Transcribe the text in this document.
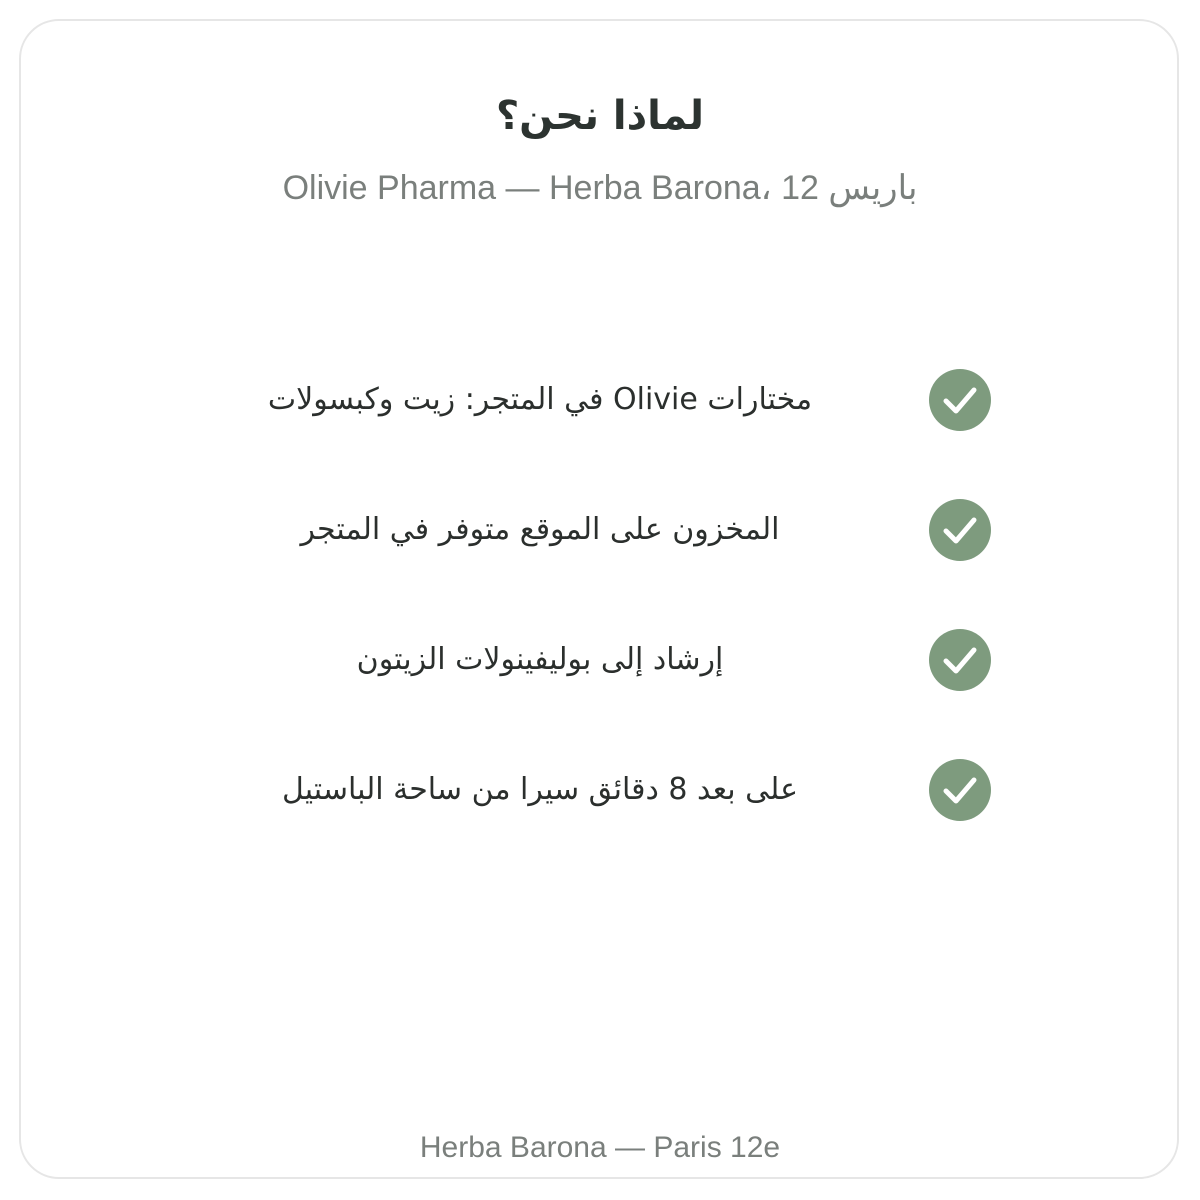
لماذا نحن؟
Olivie Pharma — Herba Barona، 12 باريس
مختارات Olivie في المتجر: زيت وكبسولات
المخزون على الموقع متوفر في المتجر
إرشاد إلى بوليفينولات الزيتون
على بعد 8 دقائق سيرا من ساحة الباستيل
Herba Barona — Paris 12e
